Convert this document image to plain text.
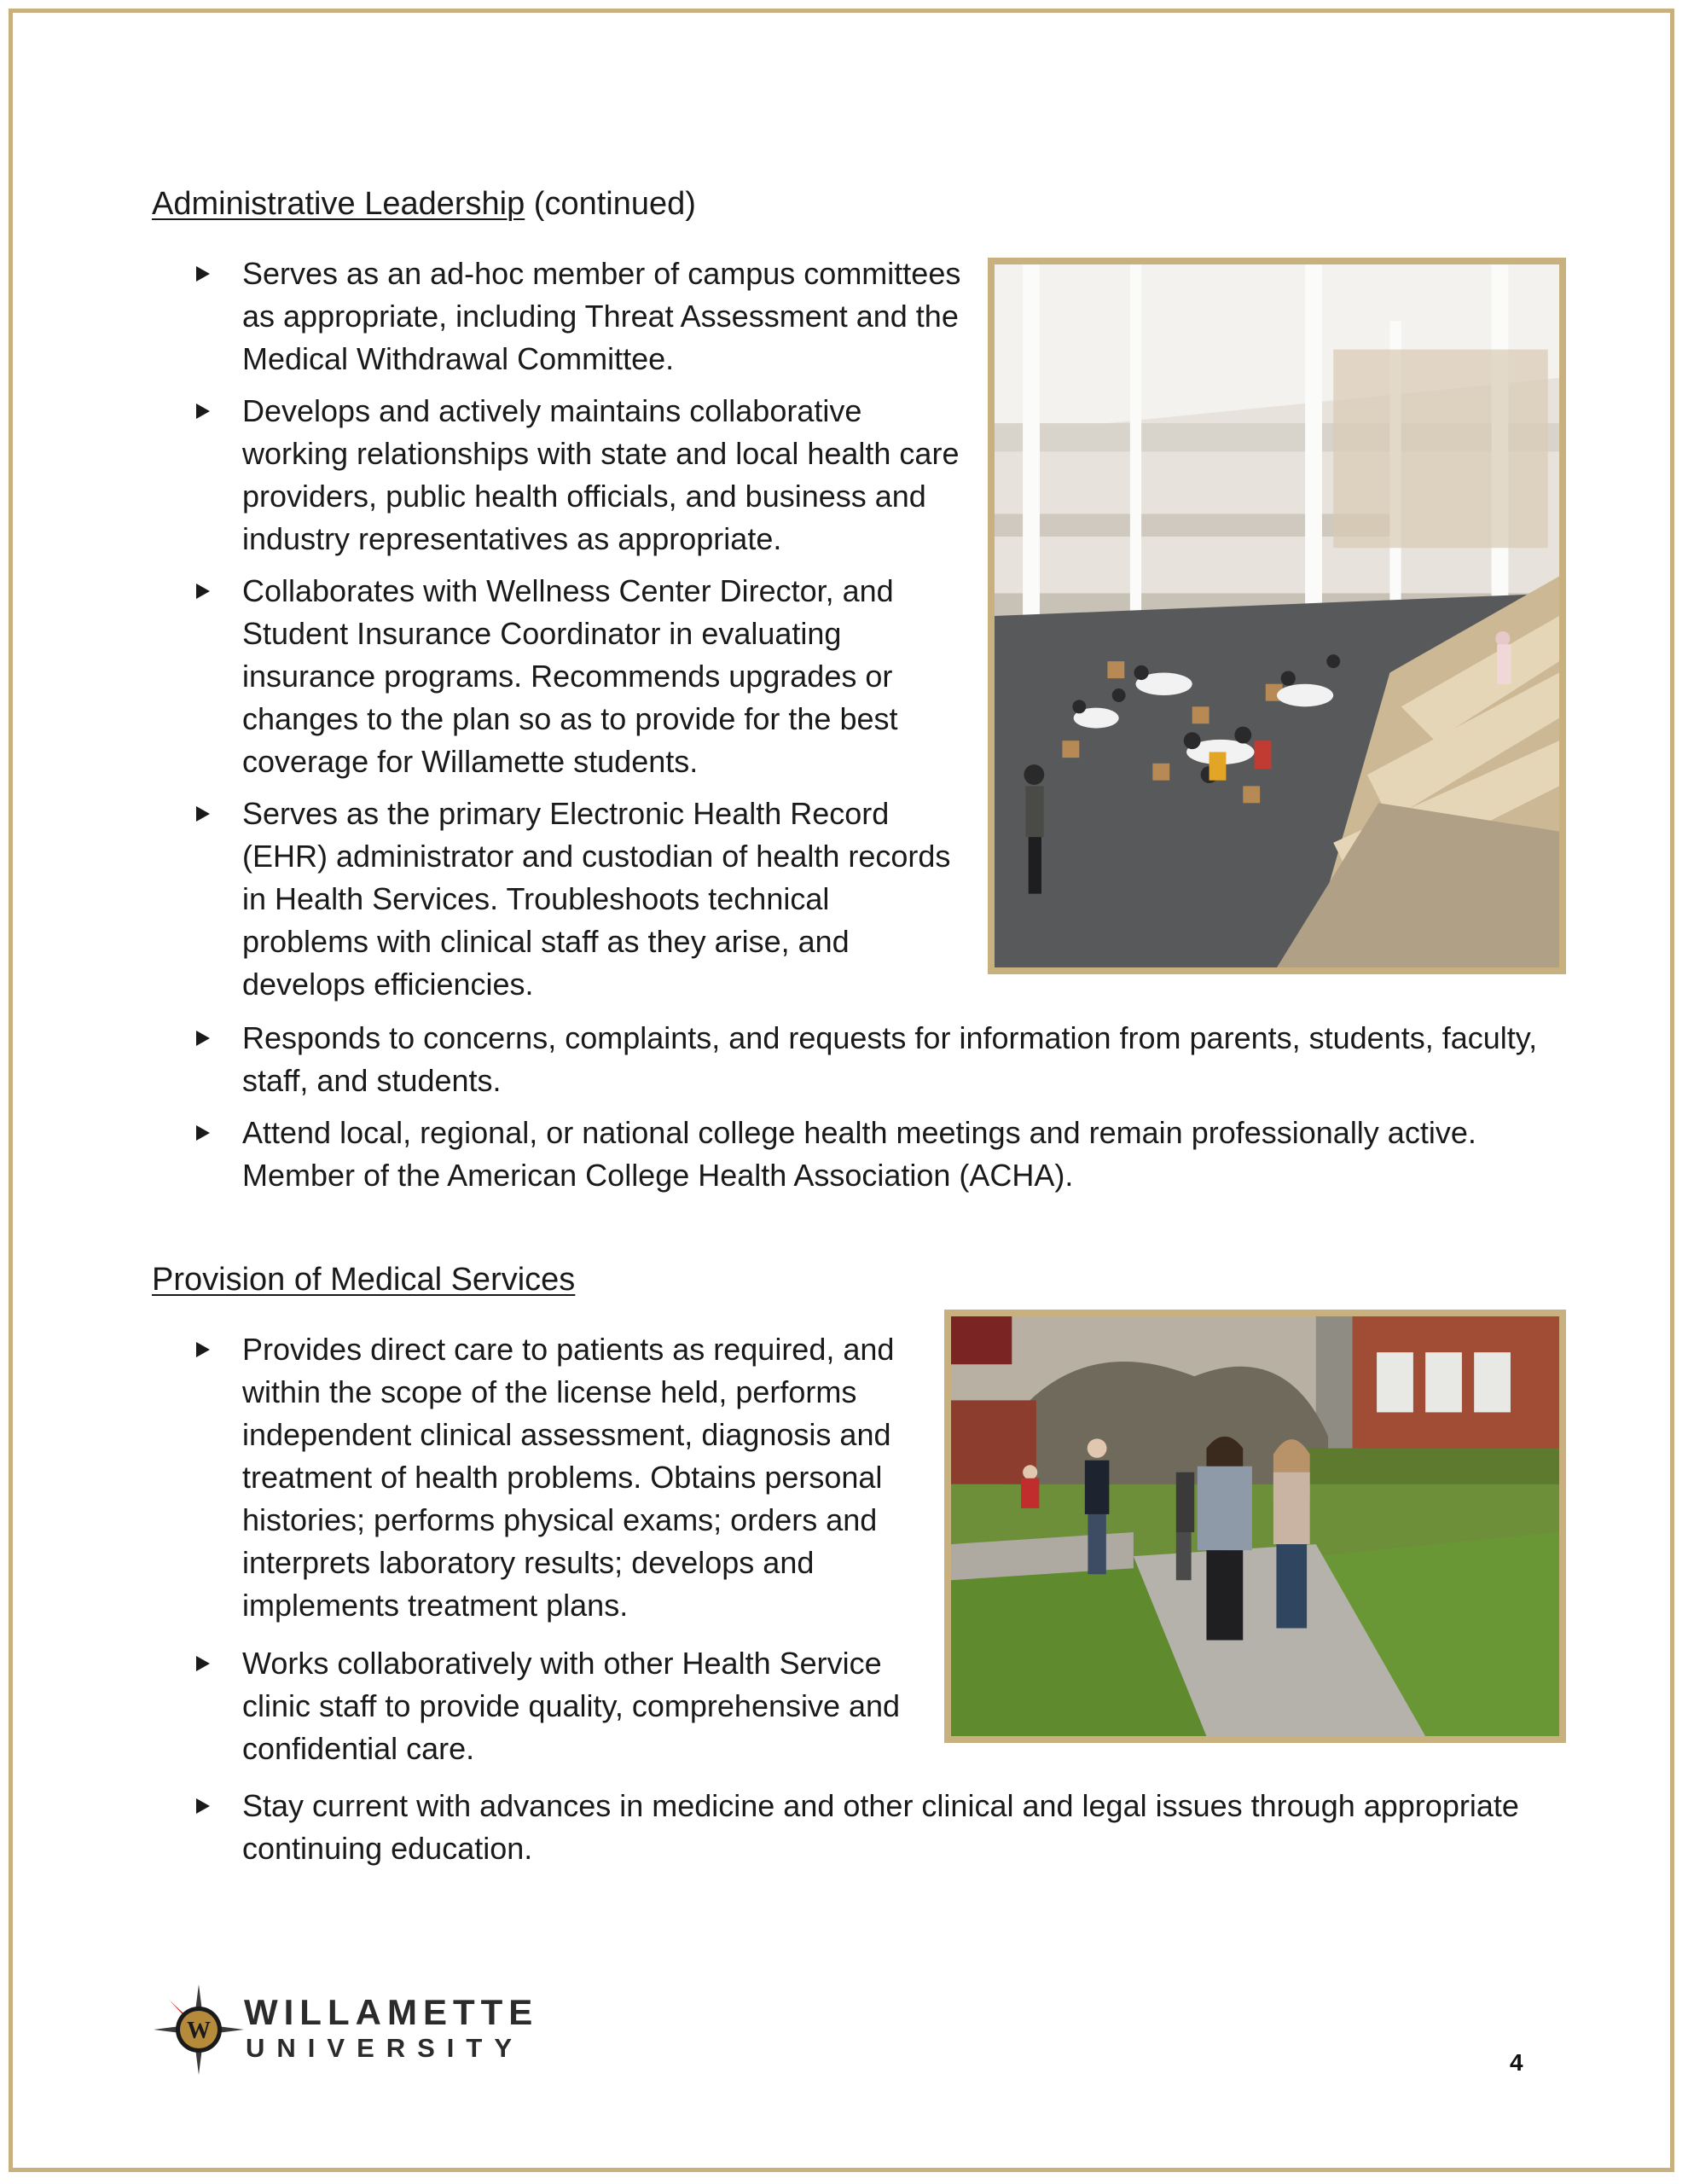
Administrative Leadership (continued)
Serves as an ad-hoc member of campus committees as appropriate, including Threat Assessment and the Medical Withdrawal Committee.
Develops and actively maintains collaborative working relationships with state and local health care providers, public health officials, and business and industry representatives as appropriate.
Collaborates with Wellness Center Director, and Student Insurance Coordinator in evaluating insurance programs. Recommends upgrades or changes to the plan so as to provide for the best coverage for Willamette students.
Serves as the primary Electronic Health Record (EHR) administrator and custodian of health records in Health Services. Troubleshoots technical problems with clinical staff as they arise, and develops efficiencies.
Responds to concerns, complaints, and requests for information from parents, students, faculty, staff, and students.
Attend local, regional, or national college health meetings and remain professionally active. Member of the American College Health Association (ACHA).
Provision of Medical Services
Provides direct care to patients as required, and within the scope of the license held, performs independent clinical assessment, diagnosis and treatment of health problems. Obtains personal histories; performs physical exams; orders and interprets laboratory results; develops and implements treatment plans.
Works collaboratively with other Health Service clinic staff to provide quality, comprehensive and confidential care.
Stay current with advances in medicine and other clinical and legal issues through appropriate continuing education.
W WILLAMETTE
UNIVERSITY	4
